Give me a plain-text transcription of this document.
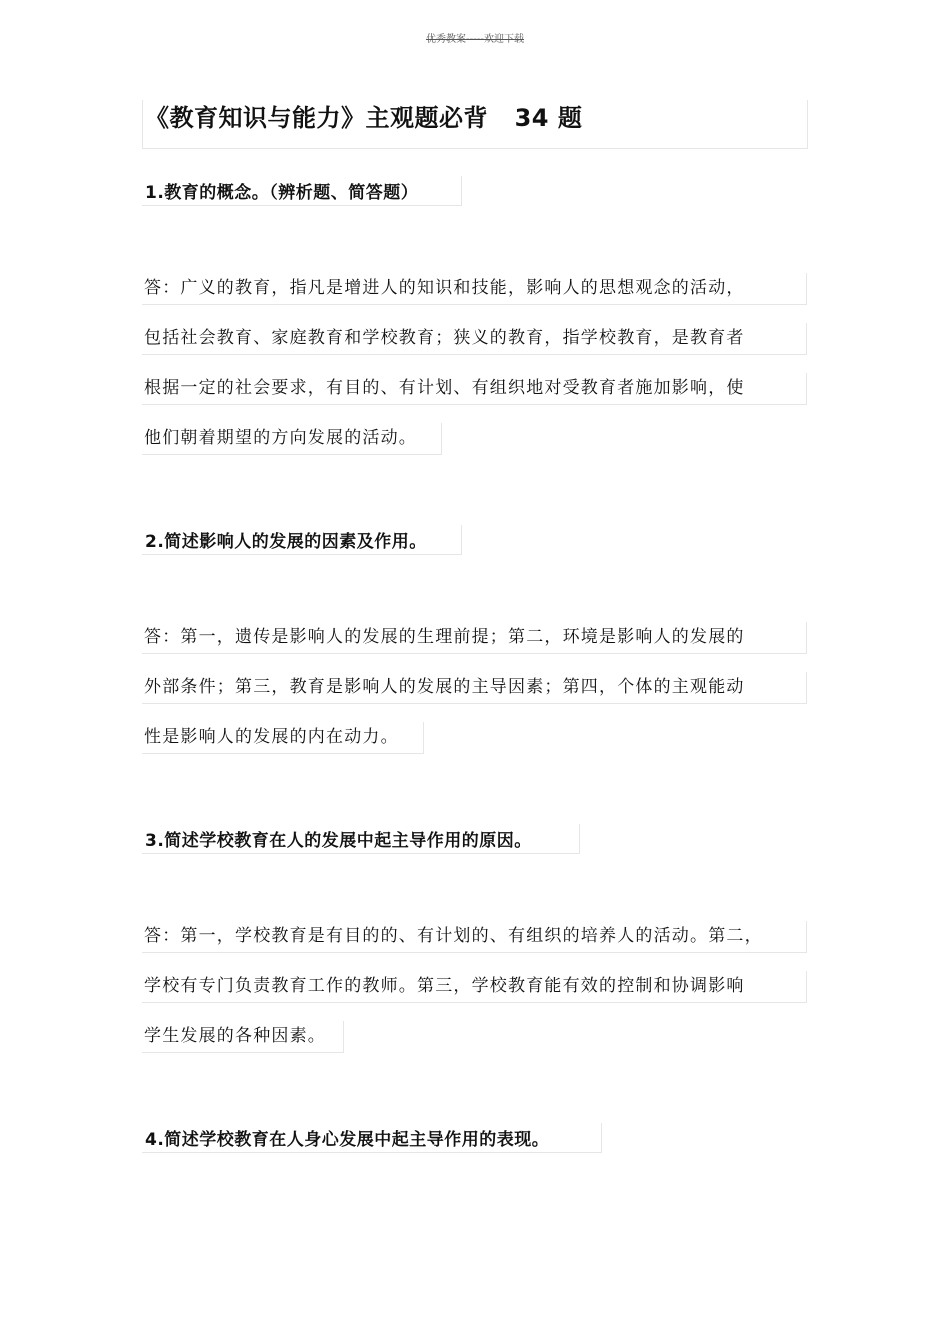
优秀教案-----欢迎下载
《教育知识与能力》主观题必背   34 题
1.教育的概念。（辨析题、简答题）
答：广义的教育，指凡是增进人的知识和技能，影响人的思想观念的活动，
包括社会教育、家庭教育和学校教育；狭义的教育，指学校教育，是教育者
根据一定的社会要求，有目的、有计划、有组织地对受教育者施加影响，使
他们朝着期望的方向发展的活动。
2.简述影响人的发展的因素及作用。
答：第一，遗传是影响人的发展的生理前提；第二，环境是影响人的发展的
外部条件；第三，教育是影响人的发展的主导因素；第四，个体的主观能动
性是影响人的发展的内在动力。
3.简述学校教育在人的发展中起主导作用的原因。
答：第一，学校教育是有目的的、有计划的、有组织的培养人的活动。第二，
学校有专门负责教育工作的教师。第三，学校教育能有效的控制和协调影响
学生发展的各种因素。
4.简述学校教育在人身心发展中起主导作用的表现。
